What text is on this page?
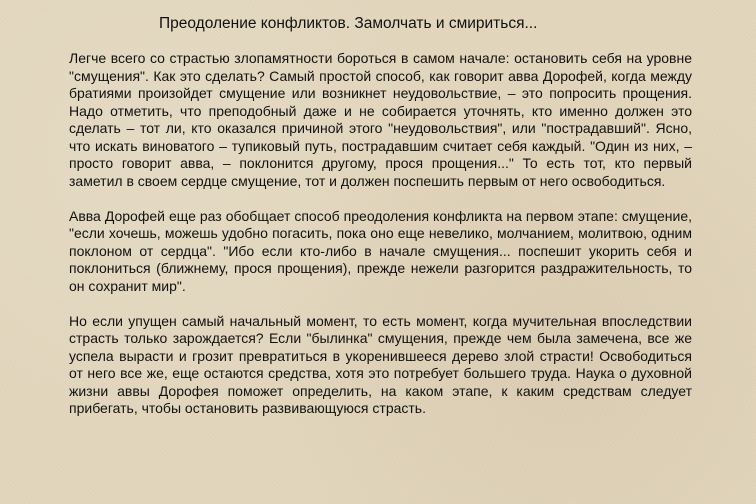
Преодоление конфликтов. Замолчать и смириться...

Легче всего со страстью злопамятности бороться в самом начале: остановить себя на уровне "смущения". Как это сделать? Самый простой способ, как говорит авва Дорофей, когда между братиями произойдет смущение или возникнет неудовольствие, – это попросить прощения. Надо отметить, что преподобный даже и не собирается уточнять, кто именно должен это сделать – тот ли, кто оказался причиной этого "неудовольствия", или "пострадавший". Ясно, что искать виноватого – тупиковый путь, пострадавшим считает себя каждый. "Один из них, – просто говорит авва, – поклонится другому, прося прощения..." То есть тот, кто первый заметил в своем сердце смущение, тот и должен поспешить первым от него освободиться.

Авва Дорофей еще раз обобщает способ преодоления конфликта на первом этапе: смущение, "если хочешь, можешь удобно погасить, пока оно еще невелико, молчанием, молитвою, одним поклоном от сердца". "Ибо если кто-либо в начале смущения... поспешит укорить себя и поклониться (ближнему, прося прощения), прежде нежели разгорится раздражительность, то он сохранит мир".

Но если упущен самый начальный момент, то есть момент, когда мучительная впоследствии страсть только зарождается? Если "былинка" смущения, прежде чем была замечена, все же успела вырасти и грозит превратиться в укоренившееся дерево злой страсти! Освободиться от него все же, еще остаются средства, хотя это потребует большего труда. Наука о духовной жизни аввы Дорофея поможет определить, на каком этапе, к каким средствам следует прибегать, чтобы остановить развивающуюся страсть.
